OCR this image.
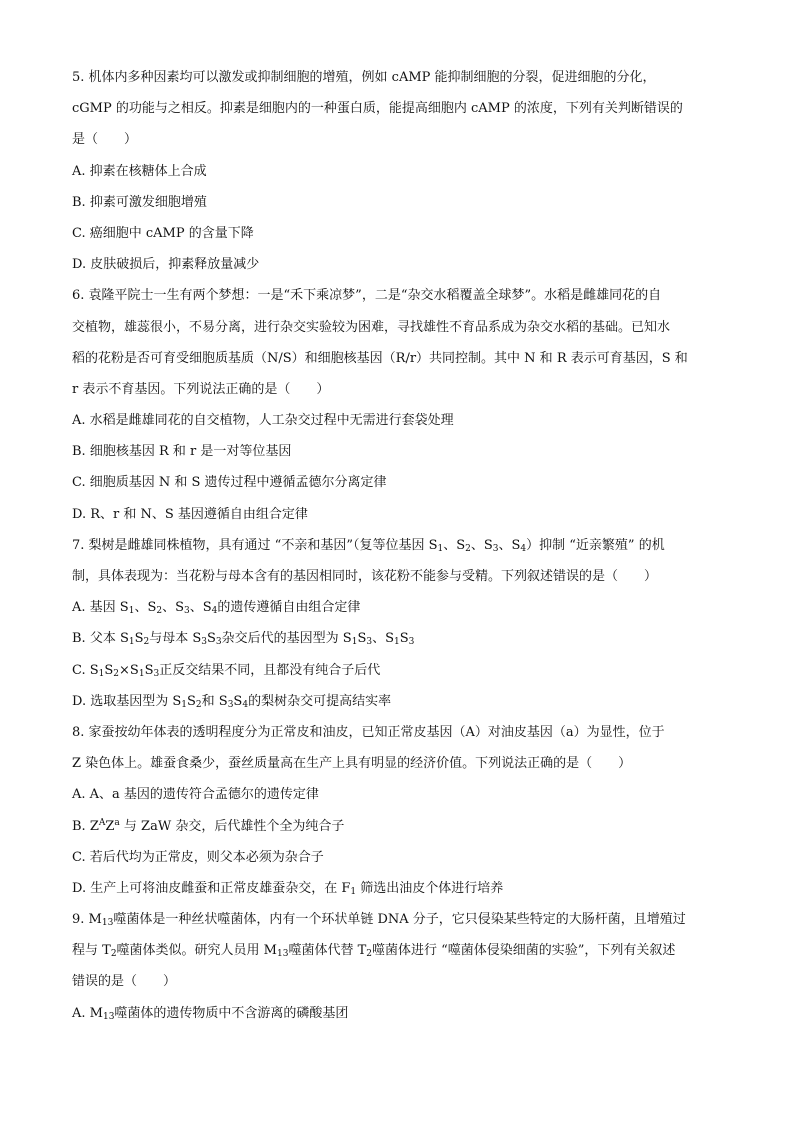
5. 机体内多种因素均可以激发或抑制细胞的增殖，例如 cAMP 能抑制细胞的分裂，促进细胞的分化，
cGMP 的功能与之相反。抑素是细胞内的一种蛋白质，能提高细胞内 cAMP 的浓度，下列有关判断错误的
是（　　）
A. 抑素在核糖体上合成
B. 抑素可激发细胞增殖
C. 癌细胞中 cAMP 的含量下降
D. 皮肤破损后，抑素释放量减少
6. 袁隆平院士一生有两个梦想：一是“禾下乘凉梦”，二是“杂交水稻覆盖全球梦”。水稻是雌雄同花的自
交植物，雄蕊很小，不易分离，进行杂交实验较为困难，寻找雄性不育品系成为杂交水稻的基础。已知水
稻的花粉是否可育受细胞质基质（N/S）和细胞核基因（R/r）共同控制。其中 N 和 R 表示可育基因，S 和
r 表示不育基因。下列说法正确的是（　　）
A. 水稻是雌雄同花的自交植物，人工杂交过程中无需进行套袋处理
B. 细胞核基因 R 和 r 是一对等位基因
C. 细胞质基因 N 和 S 遗传过程中遵循孟德尔分离定律
D. R、r 和 N、S 基因遵循自由组合定律
7. 梨树是雌雄同株植物，具有通过 “不亲和基因”（复等位基因 $S_1$、$S_2$、$S_3$、$S_4$）抑制 “近亲繁殖” 的机
制，具体表现为：当花粉与母本含有的基因相同时，该花粉不能参与受精。下列叙述错误的是（　　）
A. 基因 $S_1$、$S_2$、$S_3$、$S_4$的遗传遵循自由组合定律
B. 父本 $S_1S_2$与母本 $S_3S_3$杂交后代的基因型为 $S_1S_3$、$S_1S_3$
C. $S_1S_2\times S_1S_3$正反交结果不同，且都没有纯合子后代
D. 选取基因型为 $S_1S_2$和 $S_3S_4$的梨树杂交可提高结实率
8. 家蚕按幼年体表的透明程度分为正常皮和油皮，已知正常皮基因（A）对油皮基因（a）为显性，位于
Z 染色体上。雄蚕食桑少，蚕丝质量高在生产上具有明显的经济价值。下列说法正确的是（　　）
A. A、a 基因的遗传符合孟德尔的遗传定律
B. $Z^AZ^a$ 与 ZaW 杂交，后代雄性个全为纯合子
C. 若后代均为正常皮，则父本必须为杂合子
D. 生产上可将油皮雌蚕和正常皮雄蚕杂交，在 $F_1$ 筛选出油皮个体进行培养
9. $M_{13}$噬菌体是一种丝状噬菌体，内有一个环状单链 DNA 分子，它只侵染某些特定的大肠杆菌，且增殖过
程与 $T_2$噬菌体类似。研究人员用 $M_{13}$噬菌体代替 $T_2$噬菌体进行 “噬菌体侵染细菌的实验”，下列有关叙述
错误的是（　　）
A. $M_{13}$噬菌体的遗传物质中不含游离的磷酸基团
